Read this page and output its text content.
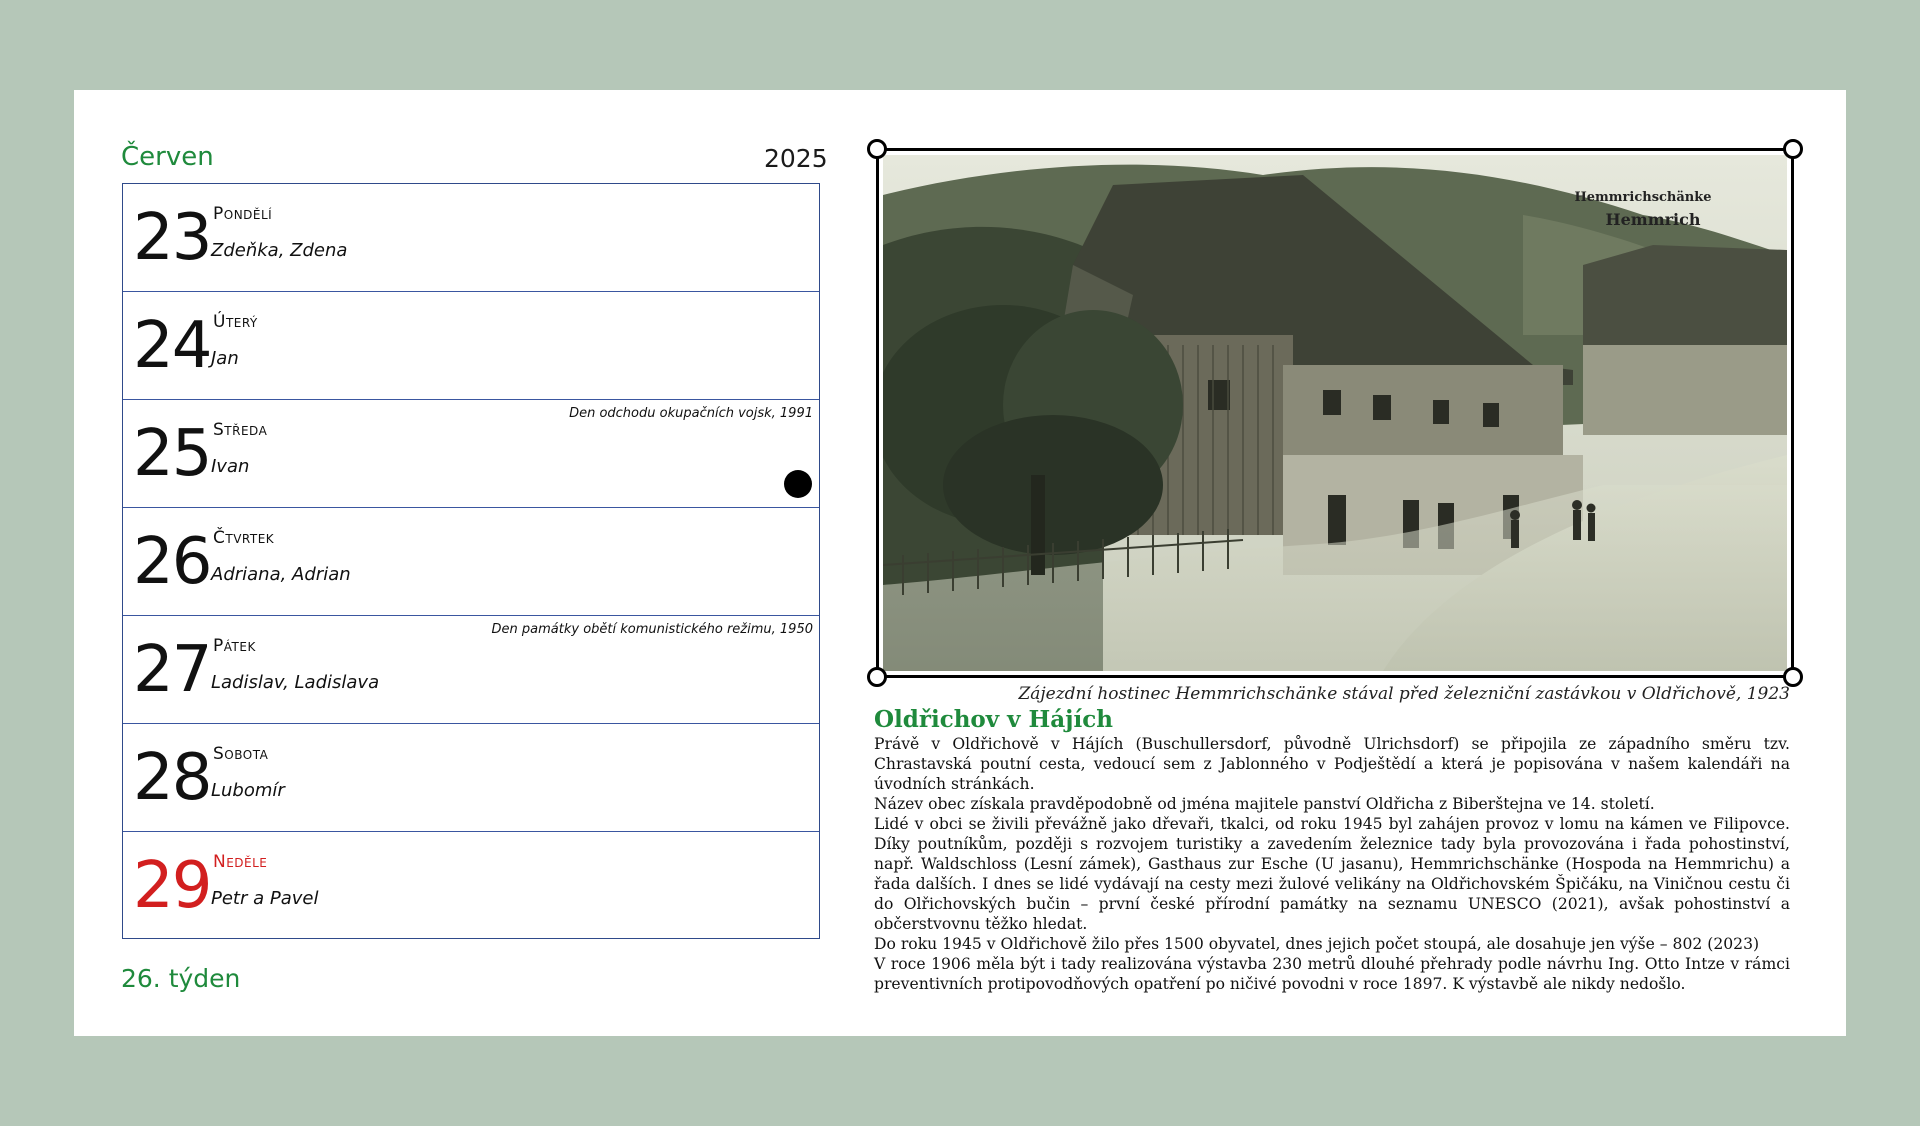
Červen	2025
23 Pondělí
Zdeňka, Zdena
24 Úterý
Jan
Den odchodu okupačních vojsk, 1991
25 Středa
Ivan
26 Čtvrtek
Adriana, Adrian
Den památky obětí komunistického režimu, 1950
27 Pátek
Ladislav, Ladislava
28 Sobota
Lubomír
29 Neděle
Petr a Pavel
26. týden
Hemmrichschänke
Hemmrich
Zájezdní hostinec Hemmrichschänke stával před železniční zastávkou v Oldřichově, 1923
Oldřichov v Hájích

Právě v Oldřichově v Hájích (Buschullersdorf, původně Ulrichsdorf) se připojila ze západního směru tzv. Chrastavská poutní cesta, vedoucí sem z Jablonného v Podještědí a která je popisována v našem kalendáři na úvodních stránkách.

Název obec získala pravděpodobně od jména majitele panství Oldřicha z Biberštejna ve 14. století.

Lidé v obci se živili převážně jako dřevaři, tkalci, od roku 1945 byl zahájen provoz v lomu na kámen ve Filipovce. Díky poutníkům, později s rozvojem turistiky a zavedením železnice tady byla provozována i řada pohostinství, např. Waldschloss (Lesní zámek), Gasthaus zur Esche (U jasanu), Hemmrichschänke (Hospoda na Hemmrichu) a řada dalších. I dnes se lidé vydávají na cesty mezi žulové velikány na Oldřichovském Špičáku, na Viničnou cestu či do Olřichovských bučin – první české přírodní památky na seznamu UNESCO (2021), avšak pohostinství a občerstvovnu těžko hledat.

Do roku 1945 v Oldřichově žilo přes 1500 obyvatel, dnes jejich počet stoupá, ale dosahuje jen výše – 802 (2023)

V roce 1906 měla být i tady realizována výstavba 230 metrů dlouhé přehrady podle návrhu Ing. Otto Intze v rámci preventivních protipovodňových opatření po ničivé povodni v roce 1897. K výstavbě ale nikdy nedošlo.
